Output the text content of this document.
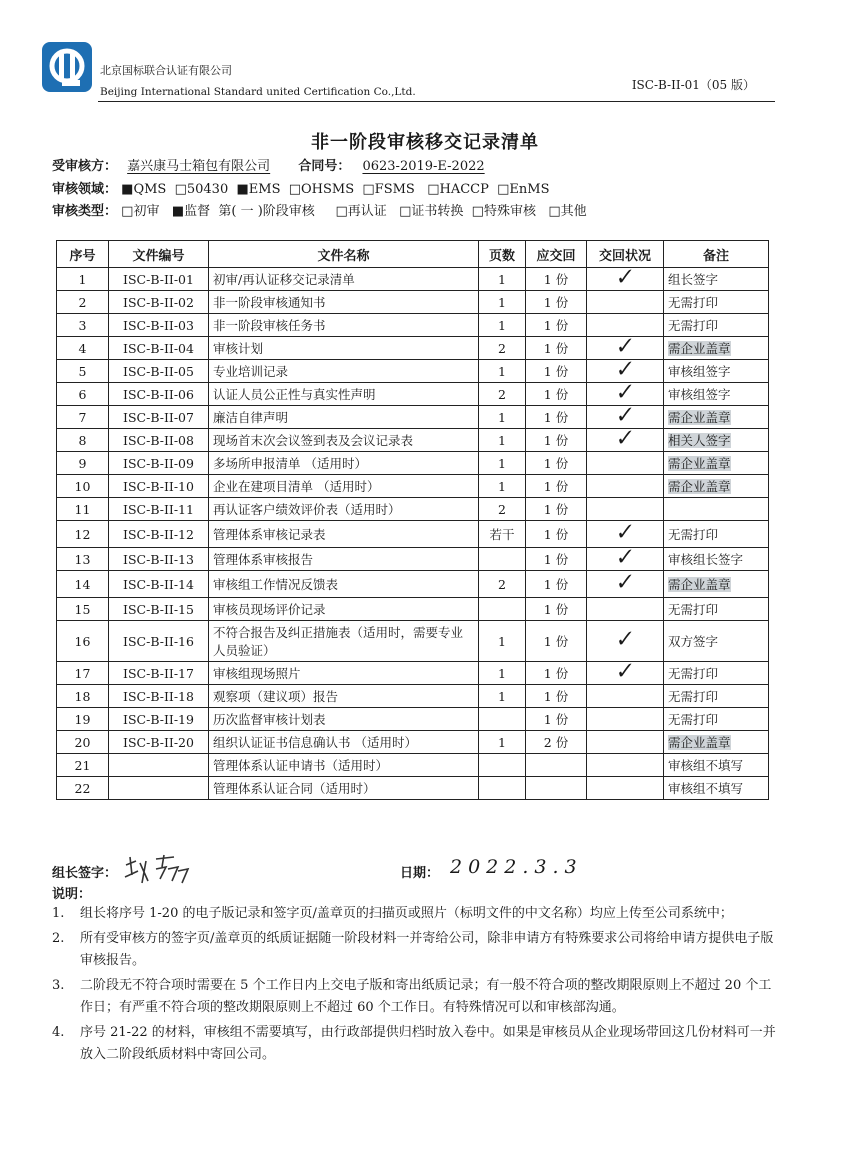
北京国标联合认证有限公司
Beijing International Standard united Certification Co.,Ltd.	ISC-B-II-01（05 版）
非一阶段审核移交记录清单
受审核方： 嘉兴康马士箱包有限公司 合同号： 0623-2019-E-2022
审核领域： ■QMS  □50430  ■EMS  □OHSMS  □FSMS   □HACCP  □EnMS
审核类型： □初审   ■监督  第( 一 )阶段审核     □再认证   □证书转换  □特殊审核   □其他
序号	文件编号	文件名称	页数	应交回	交回状况	备注
1	ISC-B-II-01	初审/再认证移交记录清单	1	1 份	✓	组长签字
2	ISC-B-II-02	非一阶段审核通知书	1	1 份		无需打印
3	ISC-B-II-03	非一阶段审核任务书	1	1 份		无需打印
4	ISC-B-II-04	审核计划	2	1 份	✓	需企业盖章
5	ISC-B-II-05	专业培训记录	1	1 份	✓	审核组签字
6	ISC-B-II-06	认证人员公正性与真实性声明	2	1 份	✓	审核组签字
7	ISC-B-II-07	廉洁自律声明	1	1 份	✓	需企业盖章
8	ISC-B-II-08	现场首末次会议签到表及会议记录表	1	1 份	✓	相关人签字
9	ISC-B-II-09	多场所申报清单 （适用时）	1	1 份		需企业盖章
10	ISC-B-II-10	企业在建项目清单 （适用时）	1	1 份		需企业盖章
11	ISC-B-II-11	再认证客户绩效评价表（适用时）	2	1 份		
12	ISC-B-II-12	管理体系审核记录表	若干	1 份	✓	无需打印
13	ISC-B-II-13	管理体系审核报告		1 份	✓	审核组长签字
14	ISC-B-II-14	审核组工作情况反馈表	2	1 份	✓	需企业盖章
15	ISC-B-II-15	审核员现场评价记录		1 份		无需打印
16	ISC-B-II-16	不符合报告及纠正措施表（适用时，需要专业人员验证）	1	1 份	✓	双方签字
17	ISC-B-II-17	审核组现场照片	1	1 份	✓	无需打印
18	ISC-B-II-18	观察项（建议项）报告	1	1 份		无需打印
19	ISC-B-II-19	历次监督审核计划表		1 份		无需打印
20	ISC-B-II-20	组织认证证书信息确认书 （适用时）	1	2 份		需企业盖章
21		管理体系认证申请书（适用时）				审核组不填写
22		管理体系认证合同（适用时）				审核组不填写
组长签字：	日期： 2022.3.3
说明：
1. 组长将序号 1-20 的电子版记录和签字页/盖章页的扫描页或照片（标明文件的中文名称）均应上传至公司系统中；
2. 所有受审核方的签字页/盖章页的纸质证据随一阶段材料一并寄给公司，除非申请方有特殊要求公司将给申请方提供电子版审核报告。
3. 二阶段无不符合项时需要在 5 个工作日内上交电子版和寄出纸质记录；有一般不符合项的整改期限原则上不超过 20 个工作日；有严重不符合项的整改期限原则上不超过 60 个工作日。有特殊情况可以和审核部沟通。
4. 序号 21-22 的材料，审核组不需要填写，由行政部提供归档时放入卷中。如果是审核员从企业现场带回这几份材料可一并放入二阶段纸质材料中寄回公司。
